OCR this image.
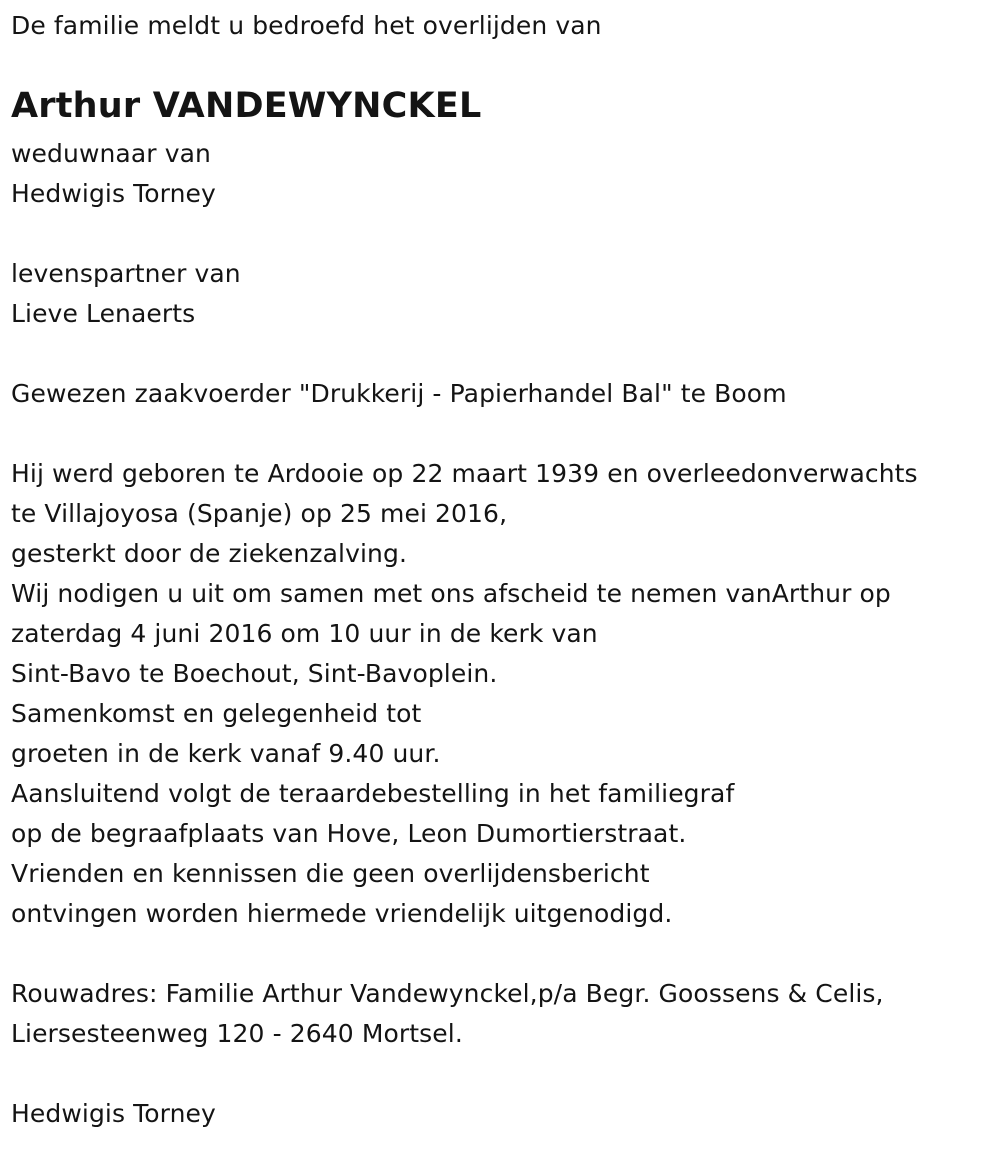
De familie meldt u bedroefd het overlijden van
Arthur VANDEWYNCKEL
weduwnaar van
Hedwigis Torney
levenspartner van
Lieve Lenaerts
Gewezen zaakvoerder "Drukkerij - Papierhandel Bal" te Boom
Hij werd geboren te Ardooie op 22 maart 1939 en overleedonverwachts
te Villajoyosa (Spanje) op 25 mei 2016,
gesterkt door de ziekenzalving.
Wij nodigen u uit om samen met ons afscheid te nemen vanArthur op
zaterdag 4 juni 2016 om 10 uur in de kerk van
Sint-Bavo te Boechout, Sint-Bavoplein.
Samenkomst en gelegenheid tot
groeten in de kerk vanaf 9.40 uur.
Aansluitend volgt de teraardebestelling in het familiegraf
op de begraafplaats van Hove, Leon Dumortierstraat.
Vrienden en kennissen die geen overlijdensbericht
ontvingen worden hiermede vriendelijk uitgenodigd.
Rouwadres: Familie Arthur Vandewynckel,p/a Begr. Goossens & Celis,
Liersesteenweg 120 - 2640 Mortsel.
Hedwigis Torney
